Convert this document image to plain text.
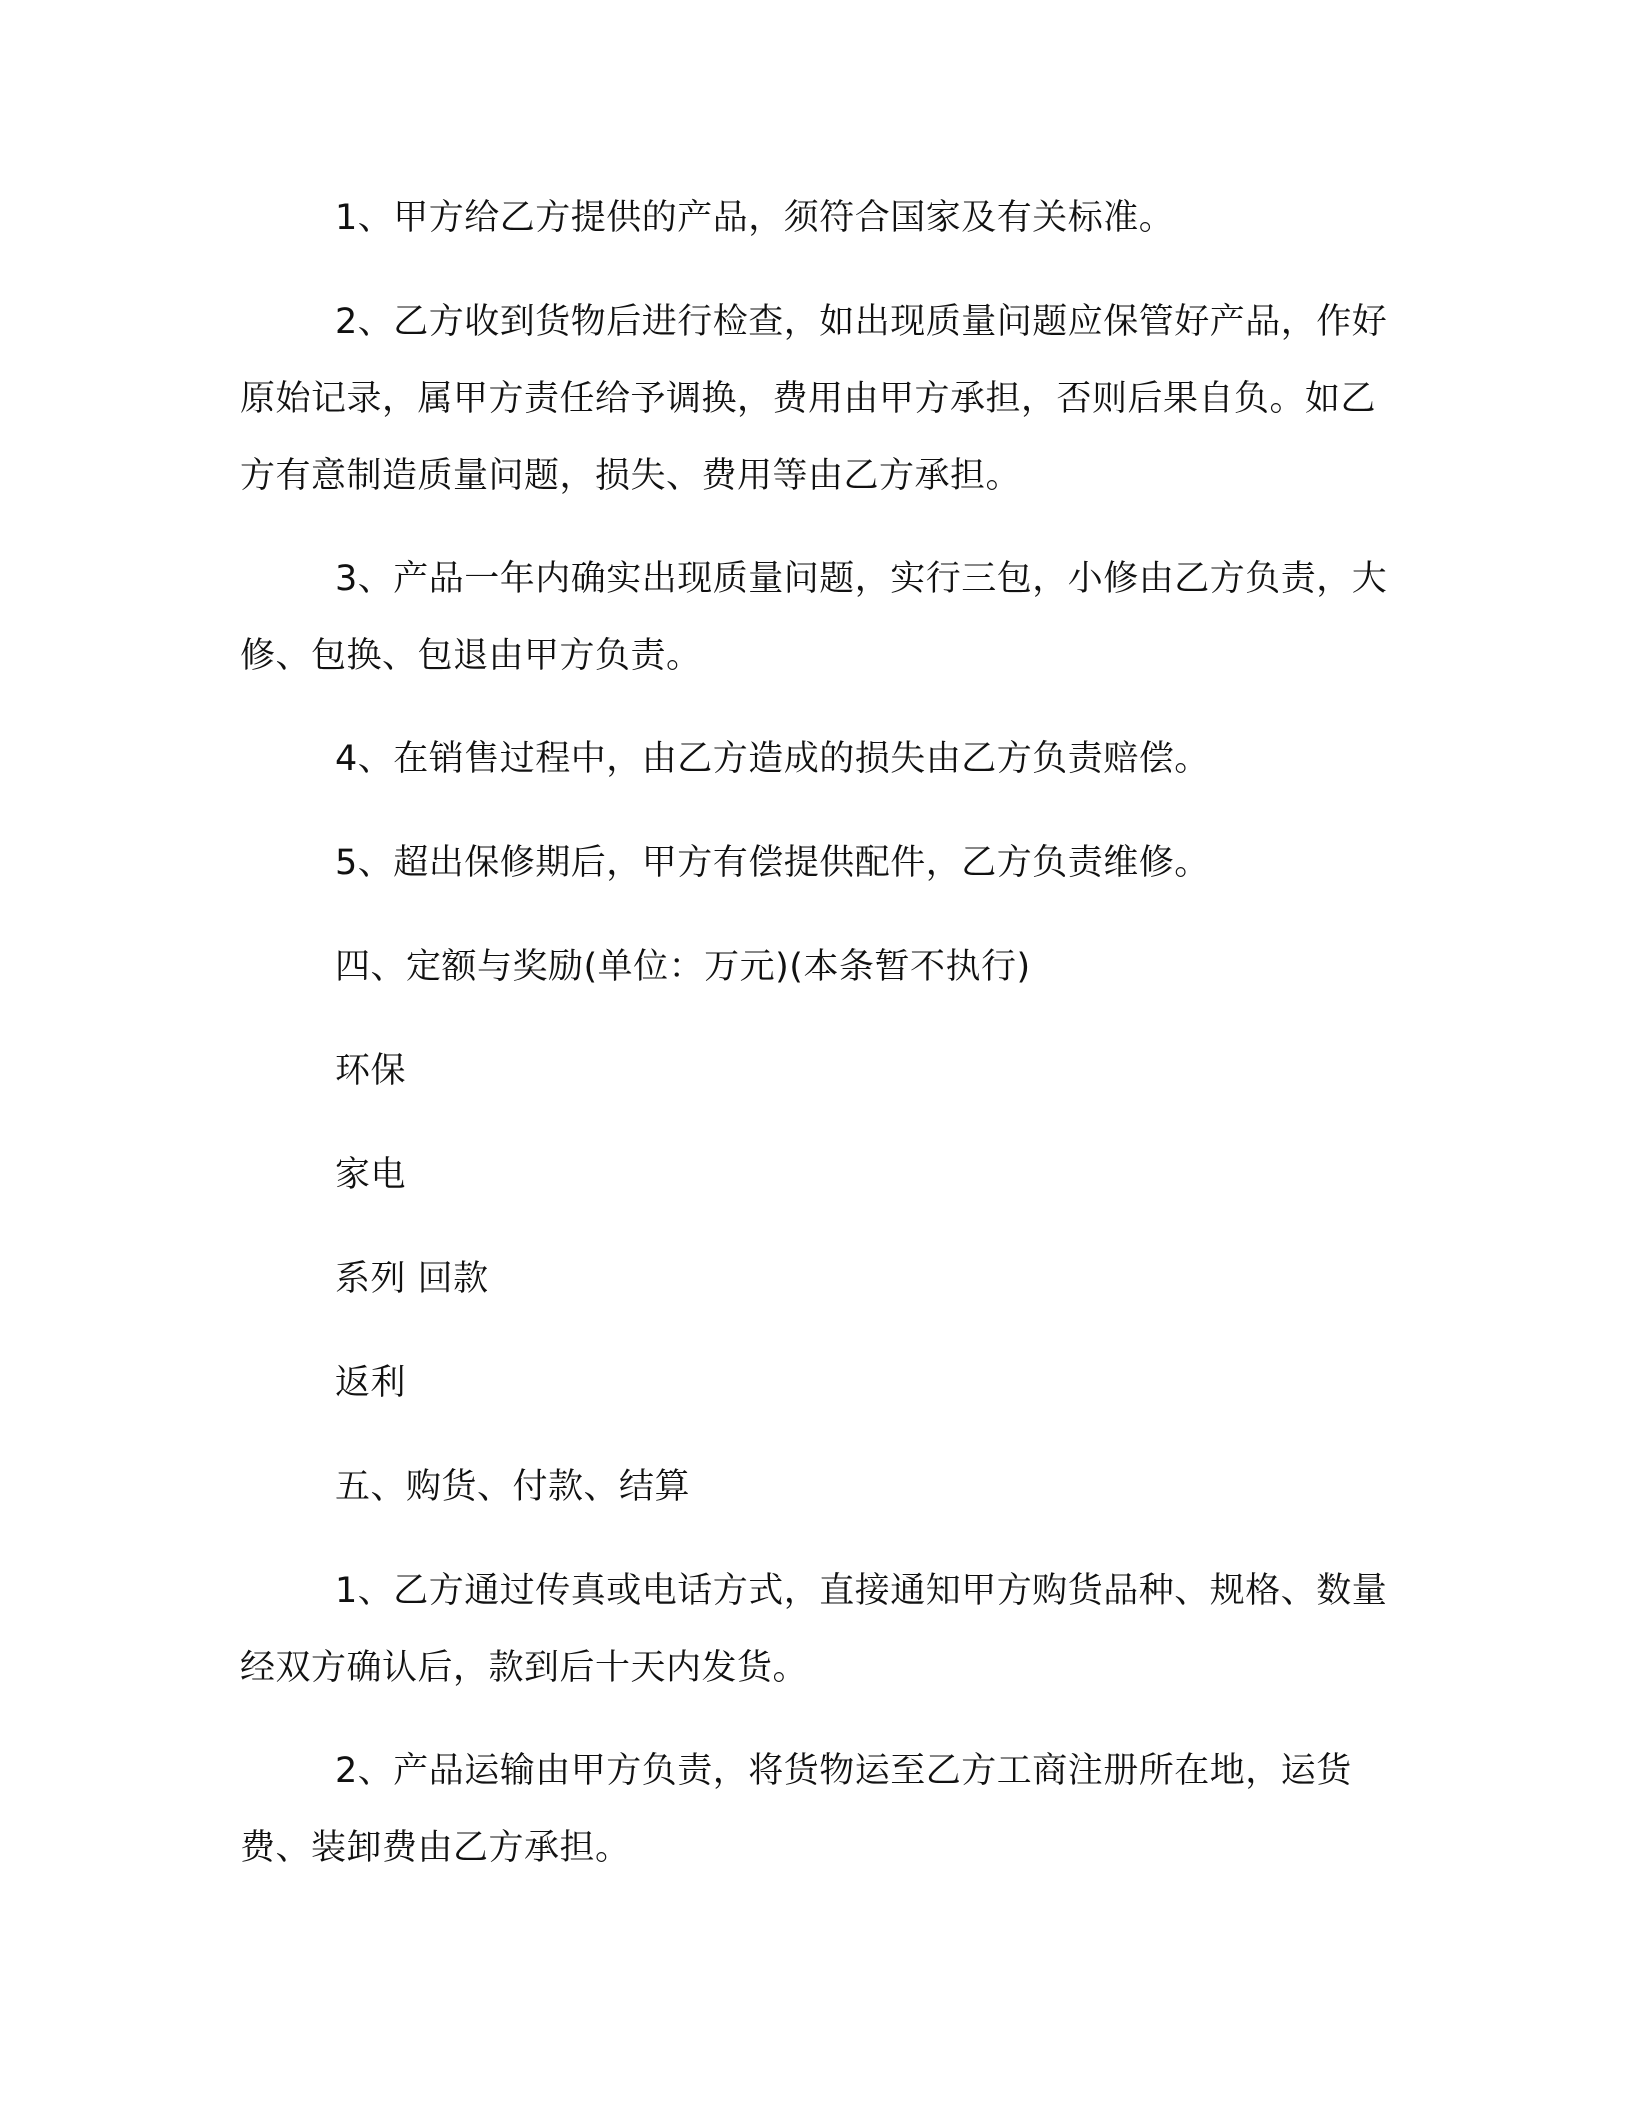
1、甲方给乙方提供的产品，须符合国家及有关标准。

2、乙方收到货物后进行检查，如出现质量问题应保管好产品，作好原始记录，属甲方责任给予调换，费用由甲方承担，否则后果自负。如乙方有意制造质量问题，损失、费用等由乙方承担。

3、产品一年内确实出现质量问题，实行三包，小修由乙方负责，大修、包换、包退由甲方负责。

4、在销售过程中，由乙方造成的损失由乙方负责赔偿。

5、超出保修期后，甲方有偿提供配件，乙方负责维修。

四、定额与奖励(单位：万元)(本条暂不执行)

环保

家电

系列 回款

返利

五、购货、付款、结算

1、乙方通过传真或电话方式，直接通知甲方购货品种、规格、数量经双方确认后，款到后十天内发货。

2、产品运输由甲方负责，将货物运至乙方工商注册所在地，运货费、装卸费由乙方承担。
